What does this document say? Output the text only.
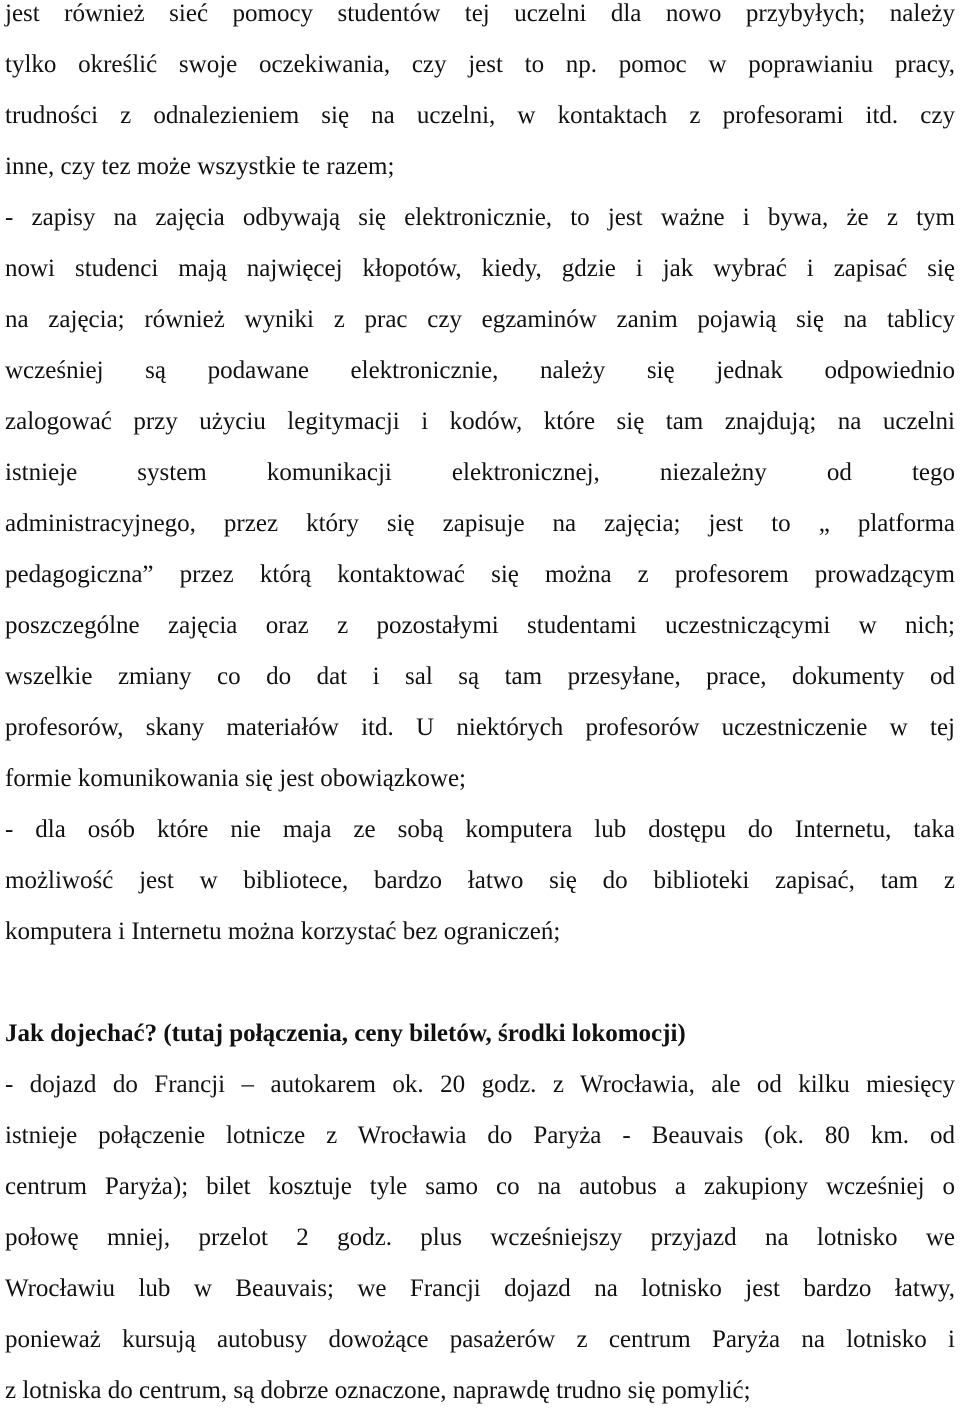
jest również sieć pomocy studentów tej uczelni dla nowo przybyłych; należy
tylko określić swoje oczekiwania, czy jest to np. pomoc w poprawianiu pracy,
trudności z odnalezieniem się na uczelni, w kontaktach z profesorami itd. czy
inne, czy tez może wszystkie te razem;
- zapisy na zajęcia odbywają się elektronicznie, to jest ważne i bywa, że z tym
nowi studenci mają najwięcej kłopotów, kiedy, gdzie i jak wybrać i zapisać się
na zajęcia; również wyniki z prac czy egzaminów zanim pojawią się na tablicy
wcześniej są podawane elektronicznie, należy się jednak odpowiednio
zalogować przy użyciu legitymacji i kodów, które się tam znajdują; na uczelni
istnieje system komunikacji elektronicznej, niezależny od tego
administracyjnego, przez który się zapisuje na zajęcia; jest to „ platforma
pedagogiczna” przez którą kontaktować się można z profesorem prowadzącym
poszczególne zajęcia oraz z pozostałymi studentami uczestniczącymi w nich;
wszelkie zmiany co do dat i sal są tam przesyłane, prace, dokumenty od
profesorów, skany materiałów itd. U niektórych profesorów uczestniczenie w tej
formie komunikowania się jest obowiązkowe;
- dla osób które nie maja ze sobą komputera lub dostępu do Internetu, taka
możliwość jest w bibliotece, bardzo łatwo się do biblioteki zapisać, tam z
komputera i Internetu można korzystać bez ograniczeń;
Jak dojechać? (tutaj połączenia, ceny biletów, środki lokomocji)
- dojazd do Francji – autokarem ok. 20 godz. z Wrocławia, ale od kilku miesięcy
istnieje połączenie lotnicze z Wrocławia do Paryża - Beauvais (ok. 80 km. od
centrum Paryża); bilet kosztuje tyle samo co na autobus a zakupiony wcześniej o
połowę mniej, przelot 2 godz. plus wcześniejszy przyjazd na lotnisko we
Wrocławiu lub w Beauvais; we Francji dojazd na lotnisko jest bardzo łatwy,
ponieważ kursują autobusy dowożące pasażerów z centrum Paryża na lotnisko i
z lotniska do centrum, są dobrze oznaczone, naprawdę trudno się pomylić;
